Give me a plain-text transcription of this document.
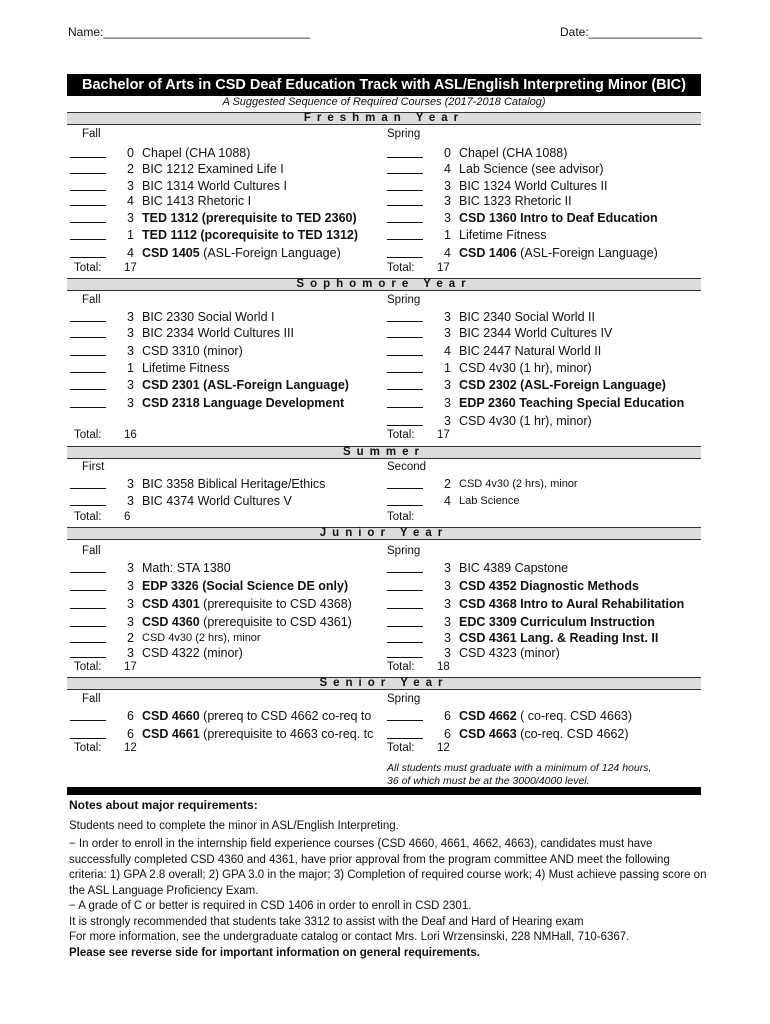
Name:_______________________________	Date:_________________
Bachelor of Arts in CSD Deaf Education Track with ASL/English Interpreting Minor (BIC)
A Suggested Sequence of Required Courses (2017-2018 Catalog)
Freshman Year
Fall
0 Chapel (CHA 1088)
2 BIC 1212 Examined Life I
3 BIC 1314 World Cultures I
4 BIC 1413 Rhetoric I
3 TED 1312 (prerequisite to TED 2360)
1 TED 1112 (pcorequisite to TED 1312)
4 CSD 1405 (ASL-Foreign Language)
Total: 17
Spring
0 Chapel (CHA 1088)
4 Lab Science (see advisor)
3 BIC 1324 World Cultures II
3 BIC 1323 Rhetoric II
3 CSD 1360 Intro to Deaf Education
1 Lifetime Fitness
4 CSD 1406 (ASL-Foreign Language)
Total: 17
Sophomore Year
Fall
3 BIC 2330 Social World I
3 BIC 2334 World Cultures III
3 CSD 3310 (minor)
1 Lifetime Fitness
3 CSD 2301 (ASL-Foreign Language)
3 CSD 2318 Language Development
Total: 16
Spring
3 BIC 2340 Social World II
3 BIC 2344 World Cultures IV
4 BIC 2447 Natural World II
1 CSD 4v30 (1 hr), minor)
3 CSD 2302 (ASL-Foreign Language)
3 EDP 2360 Teaching Special Education
3 CSD 4v30 (1 hr), minor)
Total: 17
Summer
First
3 BIC 3358 Biblical Heritage/Ethics
3 BIC 4374 World Cultures V
Total: 6
Second
2 CSD 4v30 (2 hrs), minor
4 Lab Science
Total:
Junior Year
Fall
3 Math: STA 1380
3 EDP 3326 (Social Science DE only)
3 CSD 4301 (prerequisite to CSD 4368)
3 CSD 4360 (prerequisite to CSD 4361)
2 CSD 4v30 (2 hrs), minor
3 CSD 4322 (minor)
Total: 17
Spring
3 BIC 4389 Capstone
3 CSD 4352 Diagnostic Methods
3 CSD 4368 Intro to Aural Rehabilitation
3 EDC 3309 Curriculum Instruction
3 CSD 4361 Lang. & Reading Inst. II
3 CSD 4323 (minor)
Total: 18
Senior Year
Fall
6 CSD 4660 (prereq to CSD 4662 co-req to
6 CSD 4661 (prerequisite to 4663 co-req. tc
Total: 12
Spring
6 CSD 4662 ( co-req. CSD 4663)
6 CSD 4663 (co-req. CSD 4662)
Total: 12
All students must graduate with a minimum of 124 hours,
36 of which must be at the 3000/4000 level.

Notes about major requirements:

Students need to complete the minor in ASL/English Interpreting.

− In order to enroll in the internship field experience courses (CSD 4660, 4661, 4662, 4663), candidates must have successfully completed CSD 4360 and 4361, have prior approval from the program committee AND meet the following criteria: 1) GPA 2.8 overall; 2) GPA 3.0 in the major; 3) Completion of required course work; 4) Must achieve passing score on the ASL Language Proficiency Exam.

− A grade of C or better is required in CSD 1406 in order to enroll in CSD 2301.

It is strongly recommended that students take 3312 to assist with the Deaf and Hard of Hearing exam

For more information, see the undergraduate catalog or contact Mrs. Lori Wrzensinski, 228 NMHall, 710-6367.

Please see reverse side for important information on general requirements.
